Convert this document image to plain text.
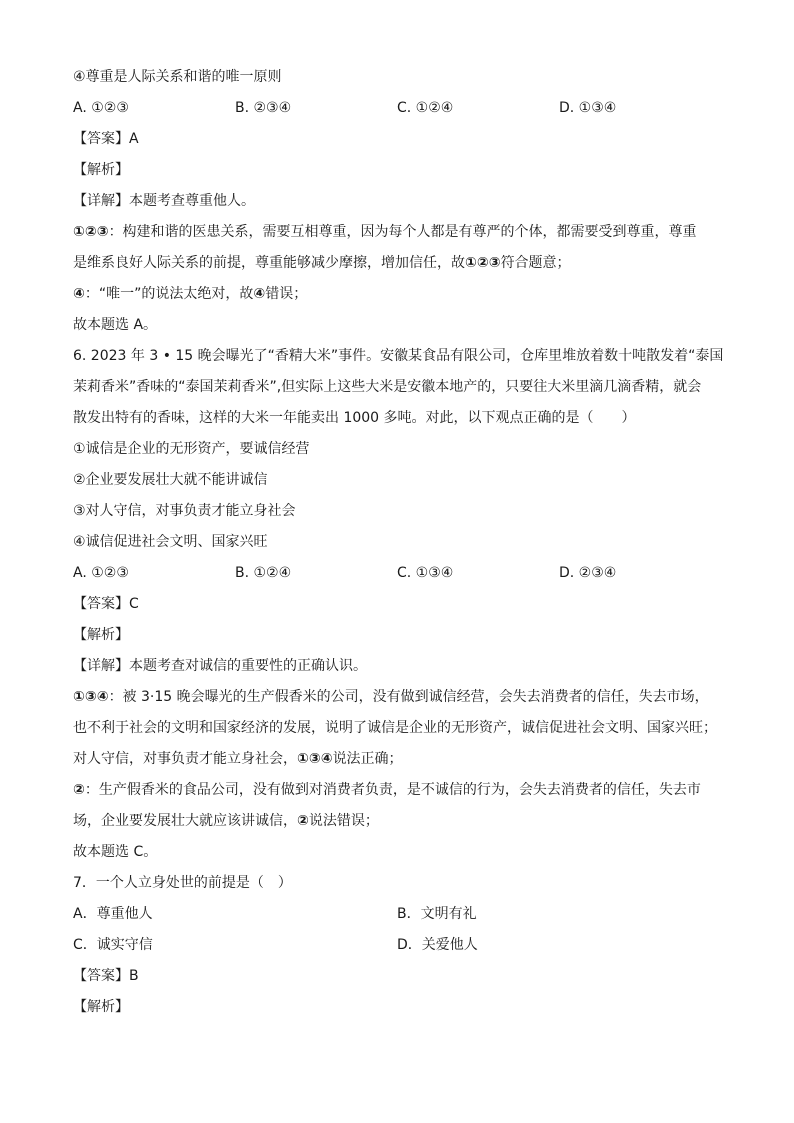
④尊重是人际关系和谐的唯一原则
A. ①②③	B. ②③④	C. ①②④	D. ①③④
【答案】A
【解析】
【详解】本题考查尊重他人。
①②③：构建和谐的医患关系，需要互相尊重，因为每个人都是有尊严的个体，都需要受到尊重，尊重
是维系良好人际关系的前提，尊重能够减少摩擦，增加信任，故①②③符合题意；
④：“唯一”的说法太绝对，故④错误；
故本题选 A。
6. 2023 年 3 • 15 晚会曝光了“香精大米”事件。安徽某食品有限公司，仓库里堆放着数十吨散发着“泰国
茉莉香米”香味的“泰国茉莉香米”,但实际上这些大米是安徽本地产的，只要往大米里滴几滴香精，就会
散发出特有的香味，这样的大米一年能卖出 1000 多吨。对此，以下观点正确的是（　　）
①诚信是企业的无形资产，要诚信经营
②企业要发展壮大就不能讲诚信
③对人守信，对事负责才能立身社会
④诚信促进社会文明、国家兴旺
A. ①②③	B. ①②④	C. ①③④	D. ②③④
【答案】C
【解析】
【详解】本题考查对诚信的重要性的正确认识。
①③④：被 3·15 晚会曝光的生产假香米的公司，没有做到诚信经营，会失去消费者的信任，失去市场，
也不利于社会的文明和国家经济的发展，说明了诚信是企业的无形资产，诚信促进社会文明、国家兴旺；
对人守信，对事负责才能立身社会，①③④说法正确；
②：生产假香米的食品公司，没有做到对消费者负责，是不诚信的行为，会失去消费者的信任，失去市
场，企业要发展壮大就应该讲诚信，②说法错误；
故本题选 C。
7．一个人立身处世的前提是（　）
A．尊重他人	B．文明有礼
C．诚实守信	D．关爱他人
【答案】B
【解析】
